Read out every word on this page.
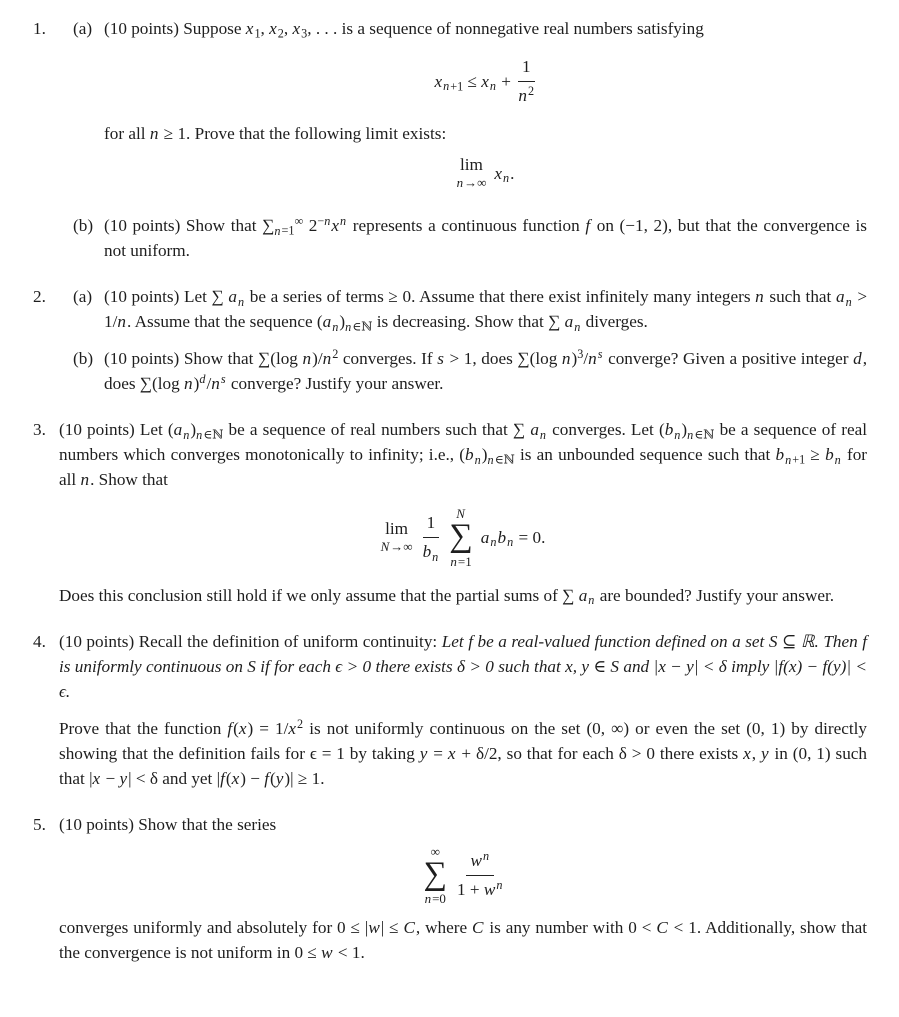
1.	(a) (10 points) Suppose $x_1$, $x_2$, $x_3$, . . . is a sequence of nonnegative real numbers satisfying

$x_{n+1} \le x_n + \frac{1}{n^2}$

for all n ≥ 1. Prove that the following limit exists:

lim
n→∞ $x_n$.
(b) (10 points) Show that $\sum_{n=1}^\infty$ $2^{-n}x^n$ represents a continuous function f on (−1, 2), but that the convergence is not uniform.

2.	(a) (10 points) Let ∑ $a_n$ be a series of terms ≥ 0. Assume that there exist infinitely many integers n such that $a_n > 1/n$. Assume that the sequence $(a_n)_{n\in ℕ}$ is decreasing. Show that ∑ $a_n$ diverges.

(b) (10 points) Show that ∑(log $n)/n^2$ converges. If s > 1, does ∑(log $n)^3/n^s$ converge? Given a positive integer d, does ∑(log $n)^d/n^s$ converge? Justify your answer.

3. (10 points) Let $(a_n)_{n\in ℕ}$ be a sequence of real numbers such that ∑ $a_n$ converges. Let $(b_n)_{n\in ℕ}$ be a sequence of real numbers which converges monotonically to infinity; i.e., $(b_n)_{n\in ℕ}$ is an unbounded sequence such that $b_{n+1} \ge b_n$ for all n. Show that

lim
$N\to\infty \frac{1}{b_n}$ N
∑
n=1
$a_nb_n = 0$.

Does this conclusion still hold if we only assume that the partial sums of ∑ $a_n$ are bounded? Justify your answer.

4. (10 points) Recall the definition of uniform continuity: Let f be a real-valued function defined on a set S ⊆ ℝ. Then f is uniformly continuous on S if for each ϵ > 0 there exists δ > 0 such that x, y ∈ S and |x − y| < δ imply |f(x) − f(y)| < ϵ.

Prove that the function $f(x) = 1/x^2$ is not uniformly continuous on the set (0, ∞) or even the set (0, 1) by directly showing that the definition fails for ϵ = 1 by taking y = x + δ/2, so that for each δ > 0 there exists x, y in (0, 1) such that |x − y| < δ and yet |f(x) − f(y)| ≥ 1.

5. (10 points) Show that the series

∞
∑
$n=0 \frac{w^n}{1 + w^n}$

converges uniformly and absolutely for 0 ≤ |w| ≤ C, where C is any number with 0 < C < 1. Additionally, show that the convergence is not uniform in 0 ≤ w < 1.
